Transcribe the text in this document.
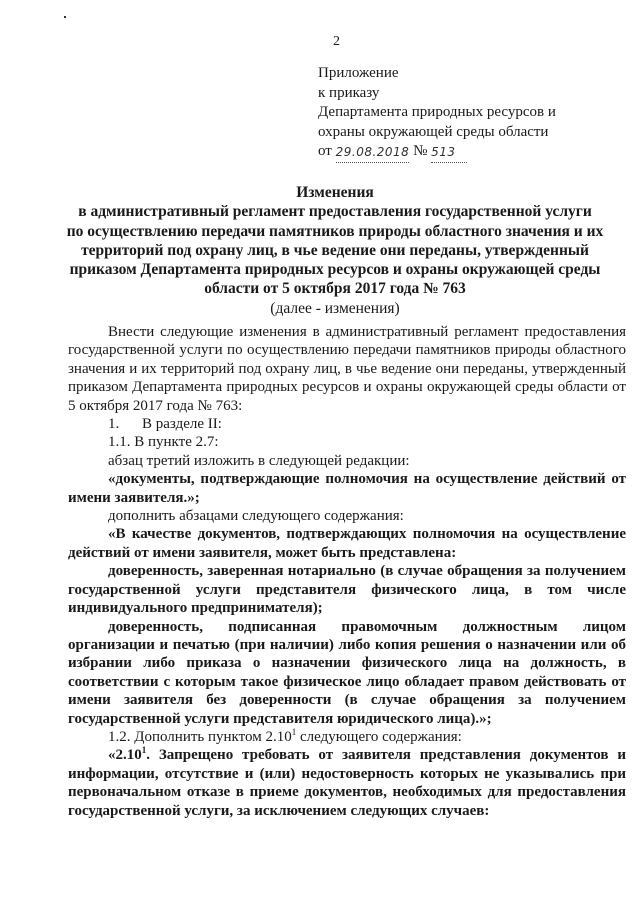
2
Приложение
к приказу
Департамента природных ресурсов и
охраны окружающей среды области
от 29.08.2018 № 513
Изменения
в административный регламент предоставления государственной услуги
по осуществлению передачи памятников природы областного значения и их
территорий под охрану лиц, в чье ведение они переданы, утвержденный
приказом Департамента природных ресурсов и охраны окружающей среды
области от 5 октября 2017 года № 763
(далее - изменения)

Внести следующие изменения в административный регламент предоставления государственной услуги по осуществлению передачи памятников природы областного значения и их территорий под охрану лиц, в чье ведение они переданы, утвержденный приказом Департамента природных ресурсов и охраны окружающей среды области от 5 октября 2017 года № 763:

1. В разделе II:

1.1. В пункте 2.7:

абзац третий изложить в следующей редакции:

«документы, подтверждающие полномочия на осуществление действий от имени заявителя.»;

дополнить абзацами следующего содержания:

«В качестве документов, подтверждающих полномочия на осуществление действий от имени заявителя, может быть представлена:

доверенность, заверенная нотариально (в случае обращения за получением государственной услуги представителя физического лица, в том числе индивидуального предпринимателя);

доверенность, подписанная правомочным должностным лицом организации и печатью (при наличии) либо копия решения о назначении или об избрании либо приказа о назначении физического лица на должность, в соответствии с которым такое физическое лицо обладает правом действовать от имени заявителя без доверенности (в случае обращения за получением государственной услуги представителя юридического лица).»;

1.2. Дополнить пунктом 2.10$^1$ следующего содержания:

«2.10$^1$. Запрещено требовать от заявителя представления документов и информации, отсутствие и (или) недостоверность которых не указывались при первоначальном отказе в приеме документов, необходимых для предоставления государственной услуги, за исключением следующих случаев:
